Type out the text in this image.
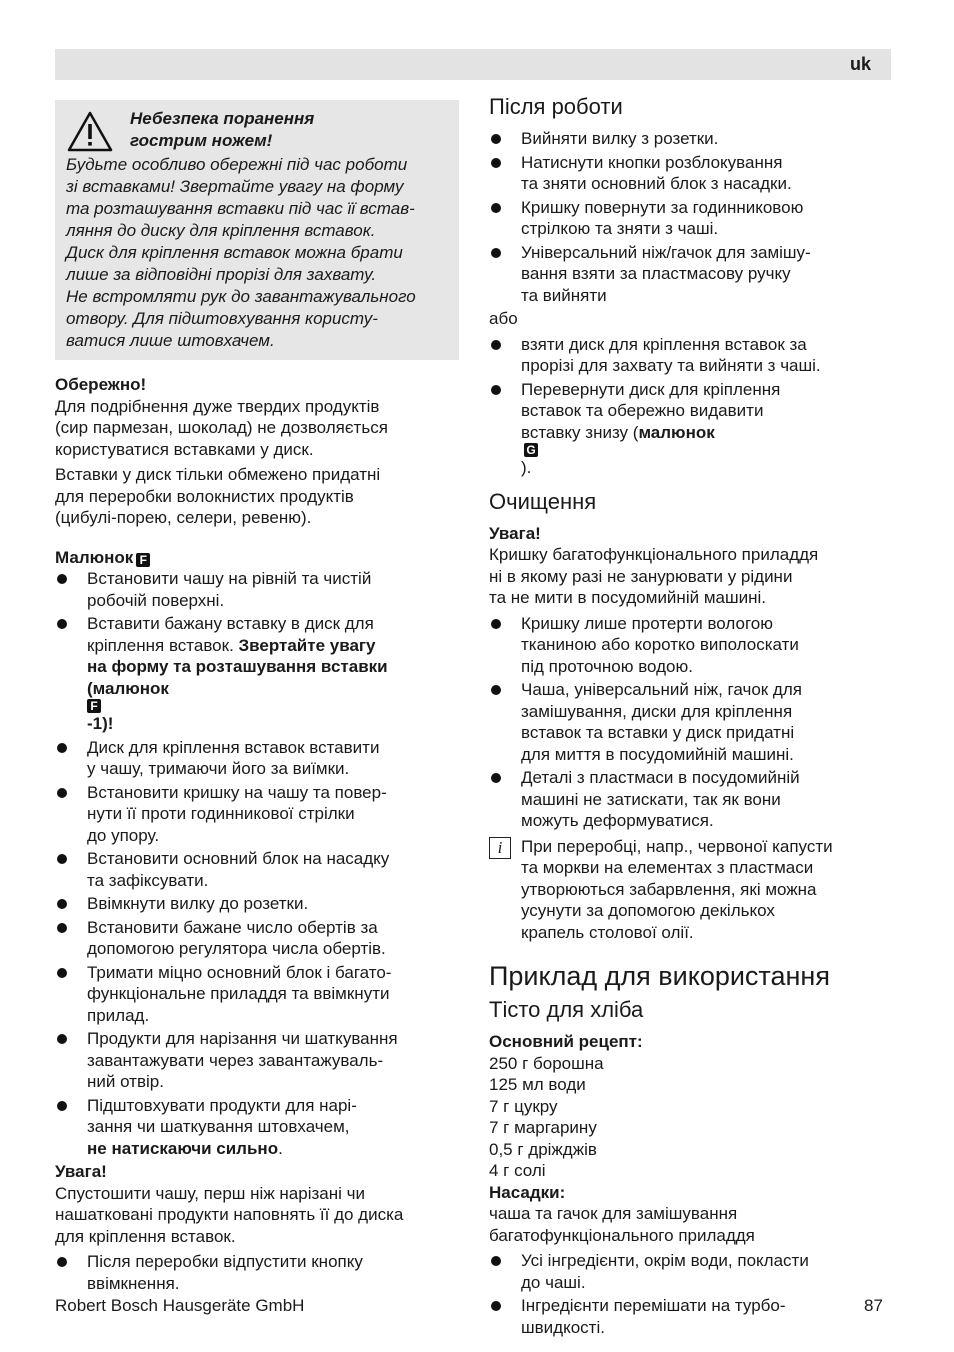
uk
Небезпека поранення
гострим ножем!
Будьте особливо обережні під час роботи
зі вставками! Звертайте увагу на форму
та розташування вставки під час її встав-
ляння до диску для кріплення вставок.
Диск для кріплення вставок можна брати
лише за відповідні прорізі для захвату.
Не встромляти рук до завантажувального
отвору. Для підштовхування користу-
ватися лише штовхачем.
Обережно!
Для подрібнення дуже твердих продуктів
(сир пармезан, шоколад) не дозволяється
користуватися вставками у диск.
Вставки у диск тільки обмежено придатні
для переробки волокнистих продуктів
(цибулі-порею, селери, ревеню).
Малюнок F
Встановити чашу на рівній та чистій
робочій поверхні.
Вставити бажану вставку в диск для
кріплення вставок. Звертайте увагу
на форму та розташування вставки
(малюнок
F
-1)!
Диск для кріплення вставок вставити
у чашу, тримаючи його за виїмки.
Встановити кришку на чашу та повер-
нути її проти годинникової стрілки
до упору.
Встановити основний блок на насадку
та зафіксувати.
Ввімкнути вилку до розетки.
Встановити бажане число обертів за
допомогою регулятора числа обертів.
Тримати міцно основний блок і багато-
функціональне приладдя та ввімкнути
прилад.
Продукти для нарізання чи шаткування
завантажувати через завантажуваль-
ний отвір.
Підштовхувати продукти для нарі-
зання чи шаткування штовхачем,
не натискаючи сильно.
Увага!
Спустошити чашу, перш ніж нарізані чи
нашатковані продукти наповнять її до диска
для кріплення вставок.
Після переробки відпустити кнопку
ввімкнення.
Після роботи
Вийняти вилку з розетки.
Натиснути кнопки розблокування
та зняти основний блок з насадки.
Кришку повернути за годинниковою
стрілкою та зняти з чаші.
Універсальний ніж/гачок для замішу-
вання взяти за пластмасову ручку
та вийняти
або
взяти диск для кріплення вставок за
прорізі для захвату та вийняти з чаші.
Перевернути диск для кріплення
вставок та обережно видавити
вставку знизу (малюнок
G
).
Очищення
Увага!
Кришку багатофункціонального приладдя
ні в якому разі не занурювати у рідини
та не мити в посудомийній машині.
Кришку лише протерти вологою
тканиною або коротко виполоскати
під проточною водою.
Чаша, універсальний ніж, гачок для
замішування, диски для кріплення
вставок та вставки у диск придатні
для миття в посудомийній машині.
Деталі з пластмаси в посудомийній
машині не затискати, так як вони
можуть деформуватися.
i	При переробці, напр., червоної капусти
та моркви на елементах з пластмаси
утворюються забарвлення, які можна
усунути за допомогою декількох
крапель столової олії.
Приклад для використання
Тісто для хліба
Основний рецепт:
250 г борошна
125 мл води
7 г цукру
7 г маргарину
0,5 г дріжджів
4 г солі
Насадки:
чаша та гачок для замішування
багатофункціонального приладдя
Усі інгредієнти, окрім води, покласти
до чаші.
Інгредієнти перемішати на турбо-
швидкості.
Robert Bosch Hausgeräte GmbH	87
